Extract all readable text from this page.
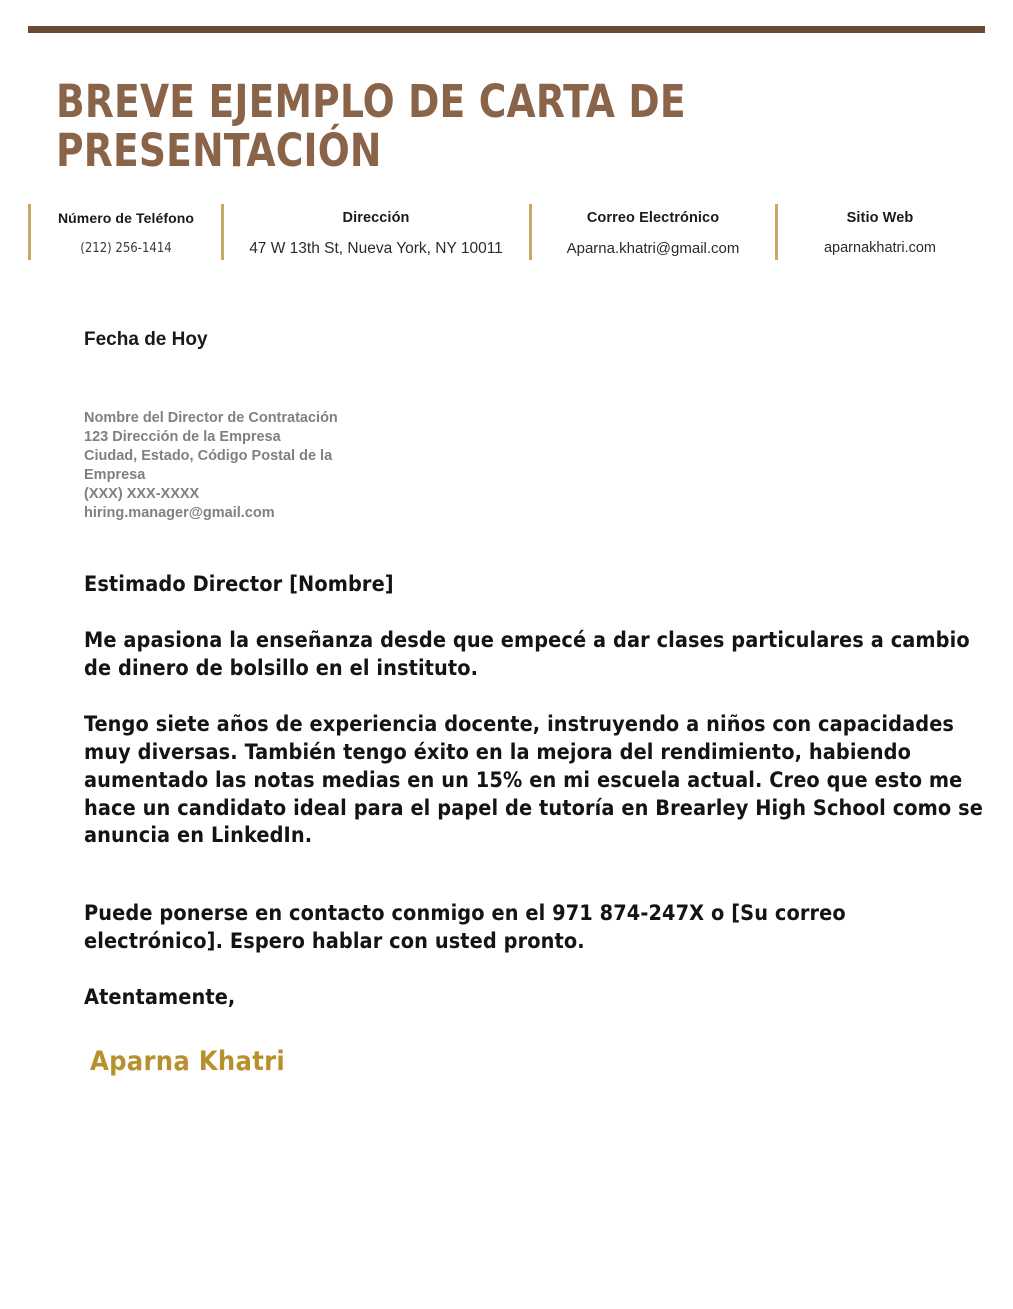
BREVE EJEMPLO DE CARTA DE PRESENTACIÓN
Número de Teléfono
(212) 256-1414
Dirección
47 W 13th St, Nueva York, NY 10011
Correo Electrónico
Aparna.khatri@gmail.com
Sitio Web
aparnakhatri.com
Fecha de Hoy
Nombre del Director de Contratación
123 Dirección de la Empresa
Ciudad, Estado, Código Postal de la Empresa
(XXX) XXX-XXXX
hiring.manager@gmail.com
Estimado Director [Nombre]
Me apasiona la enseñanza desde que empecé a dar clases particulares a cambio de dinero de bolsillo en el instituto.
Tengo siete años de experiencia docente, instruyendo a niños con capacidades muy diversas. También tengo éxito en la mejora del rendimiento, habiendo aumentado las notas medias en un 15% en mi escuela actual. Creo que esto me hace un candidato ideal para el papel de tutoría en Brearley High School como se anuncia en LinkedIn.
Puede ponerse en contacto conmigo en el 971 874-247X o [Su correo electrónico]. Espero hablar con usted pronto.
Atentamente,
Aparna Khatri
